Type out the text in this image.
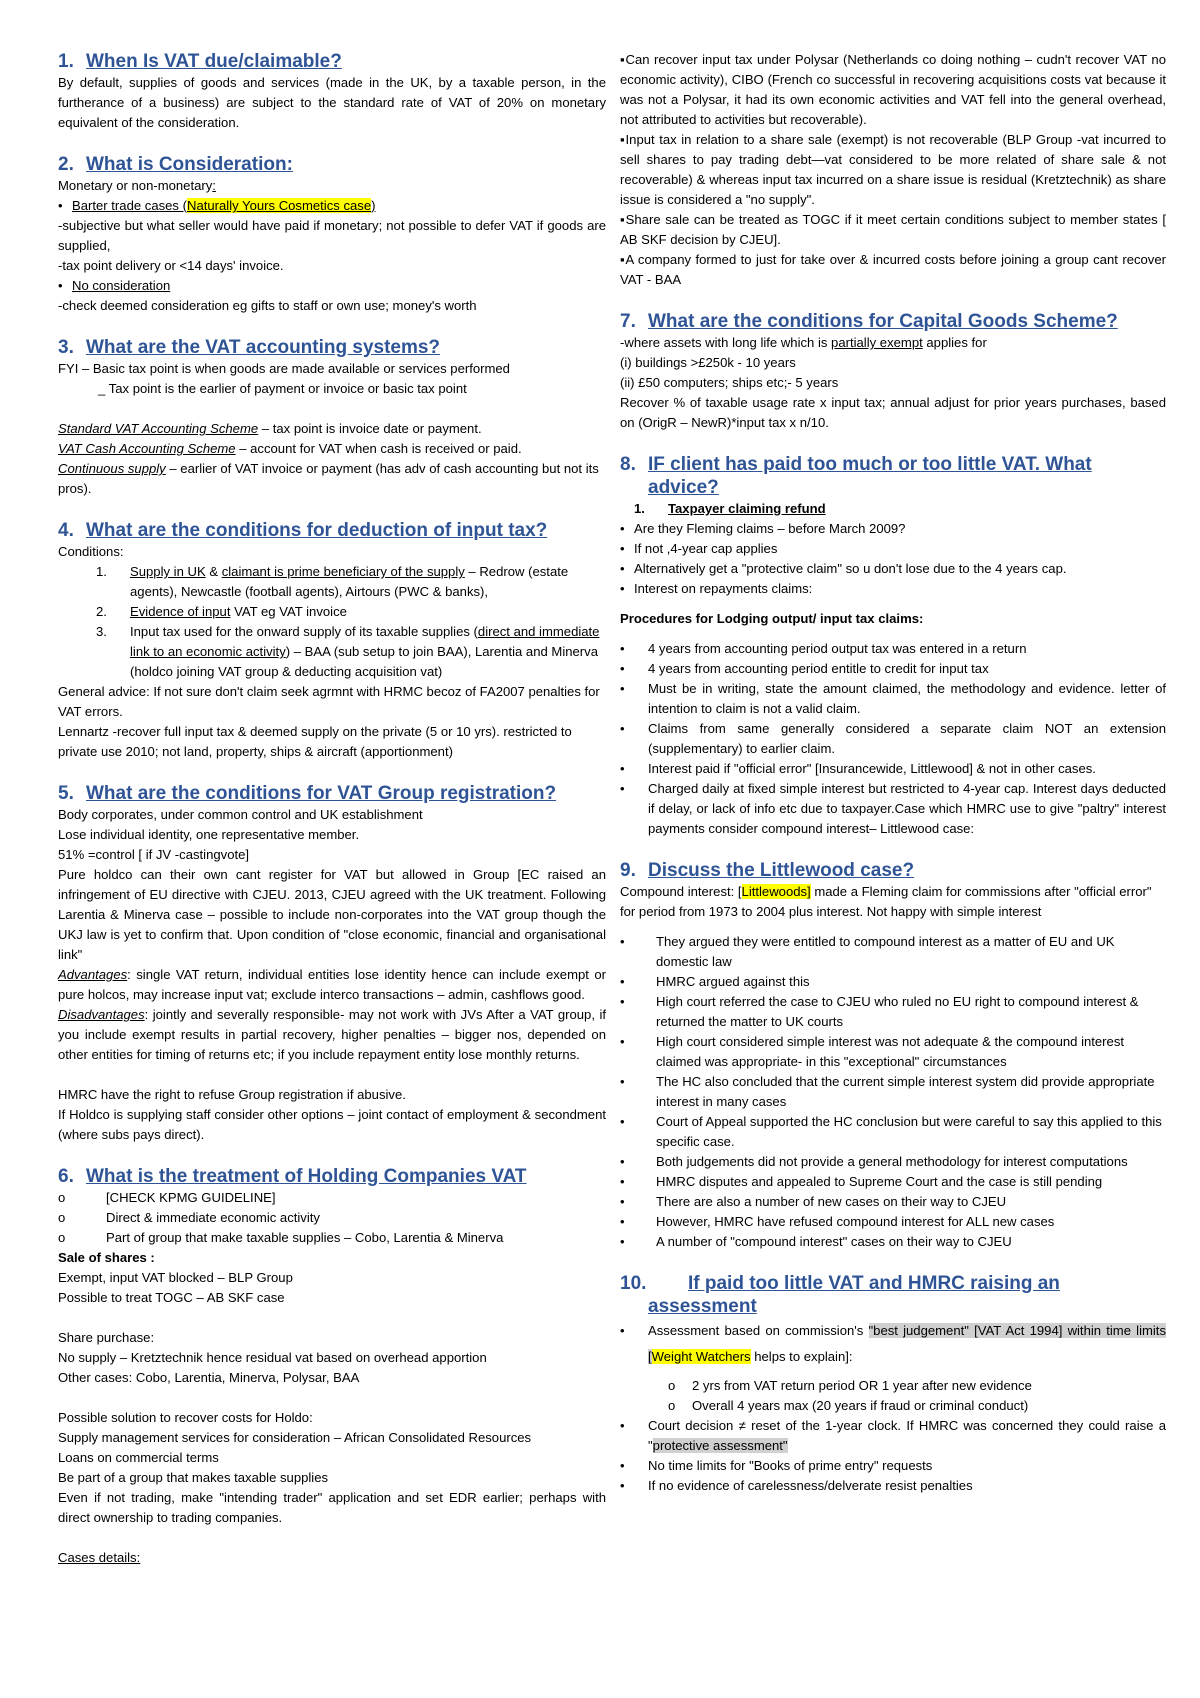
1. When Is VAT due/claimable?

By default, supplies of goods and services (made in the UK, by a taxable person, in the furtherance of a business) are subject to the standard rate of VAT of 20% on monetary equivalent of the consideration.

2. What is Consideration:

Monetary or non-monetary:

• Barter trade cases (Naturally Yours Cosmetics case)

-subjective but what seller would have paid if monetary; not possible to defer VAT if goods are supplied,

-tax point delivery or <14 days' invoice.

• No consideration

-check deemed consideration eg gifts to staff or own use; money's worth

3. What are the VAT accounting systems?

FYI – Basic tax point is when goods are made available or services performed

_ Tax point is the earlier of payment or invoice or basic tax point

Standard VAT Accounting Scheme – tax point is invoice date or payment.

VAT Cash Accounting Scheme – account for VAT when cash is received or paid.

Continuous supply – earlier of VAT invoice or payment (has adv of cash accounting but not its pros).

4. What are the conditions for deduction of input tax?

Conditions:

1. Supply in UK & claimant is prime beneficiary of the supply – Redrow (estate agents), Newcastle (football agents), Airtours (PWC & banks),

2. Evidence of input VAT eg VAT invoice

3. Input tax used for the onward supply of its taxable supplies (direct and immediate link to an economic activity) – BAA (sub setup to join BAA), Larentia and Minerva (holdco joining VAT group & deducting acquisition vat)

General advice: If not sure don't claim seek agrmnt with HRMC becoz of FA2007 penalties for VAT errors.

Lennartz -recover full input tax & deemed supply on the private (5 or 10 yrs). restricted to private use 2010; not land, property, ships & aircraft (apportionment)

5. What are the conditions for VAT Group registration?

Body corporates, under common control and UK establishment

Lose individual identity, one representative member.

51% =control [ if JV -castingvote]

Pure holdco can their own cant register for VAT but allowed in Group [EC raised an infringement of EU directive with CJEU. 2013, CJEU agreed with the UK treatment. Following Larentia & Minerva case – possible to include non-corporates into the VAT group though the UKJ law is yet to confirm that. Upon condition of "close economic, financial and organisational link"

Advantages: single VAT return, individual entities lose identity hence can include exempt or pure holcos, may increase input vat; exclude interco transactions – admin, cashflows good.

Disadvantages: jointly and severally responsible- may not work with JVs After a VAT group, if you include exempt results in partial recovery, higher penalties – bigger nos, depended on other entities for timing of returns etc; if you include repayment entity lose monthly returns.

HMRC have the right to refuse Group registration if abusive.

If Holdco is supplying staff consider other options – joint contact of employment & secondment (where subs pays direct).

6. What is the treatment of Holding Companies VAT

o	[CHECK KPMG GUIDELINE]

o	Direct & immediate economic activity

o	Part of group that make taxable supplies – Cobo, Larentia & Minerva

Sale of shares :

Exempt, input VAT blocked – BLP Group

Possible to treat TOGC – AB SKF case

Share purchase:

No supply – Kretztechnik hence residual vat based on overhead apportion

Other cases: Cobo, Larentia, Minerva, Polysar, BAA

Possible solution to recover costs for Holdo:

Supply management services for consideration – African Consolidated Resources

Loans on commercial terms

Be part of a group that makes taxable supplies

Even if not trading, make "intending trader" application and set EDR earlier; perhaps with direct ownership to trading companies.

Cases details:

▪Can recover input tax under Polysar (Netherlands co doing nothing – cudn't recover VAT no economic activity), CIBO (French co successful in recovering acquisitions costs vat because it was not a Polysar, it had its own economic activities and VAT fell into the general overhead, not attributed to activities but recoverable).

▪Input tax in relation to a share sale (exempt) is not recoverable (BLP Group -vat incurred to sell shares to pay trading debt—vat considered to be more related of share sale & not recoverable) & whereas input tax incurred on a share issue is residual (Kretztechnik) as share issue is considered a "no supply".

▪Share sale can be treated as TOGC if it meet certain conditions subject to member states [ AB SKF decision by CJEU].

▪A company formed to just for take over & incurred costs before joining a group cant recover VAT - BAA

7. What are the conditions for Capital Goods Scheme?

-where assets with long life which is partially exempt applies for

(i) buildings >£250k - 10 years

(ii) £50 computers; ships etc;- 5 years

Recover % of taxable usage rate x input tax; annual adjust for prior years purchases, based on (OrigR – NewR)*input tax x n/10.

8. IF client has paid too much or too little VAT. What advice?

1. Taxpayer claiming refund

• Are they Fleming claims – before March 2009?

• If not ,4-year cap applies

• Alternatively get a "protective claim" so u don't lose due to the 4 years cap.

• Interest on repayments claims:

Procedures for Lodging output/ input tax claims:

• 4 years from accounting period output tax was entered in a return

• 4 years from accounting period entitle to credit for input tax

• Must be in writing, state the amount claimed, the methodology and evidence. letter of intention to claim is not a valid claim.

• Claims from same generally considered a separate claim NOT an extension (supplementary) to earlier claim.

• Interest paid if "official error" [Insurancewide, Littlewood] & not in other cases.

• Charged daily at fixed simple interest but restricted to 4-year cap. Interest days deducted if delay, or lack of info etc due to taxpayer.Case which HMRC use to give "paltry" interest payments consider compound interest– Littlewood case:

9. Discuss the Littlewood case?

Compound interest: [Littlewoods] made a Fleming claim for commissions after "official error" for period from 1973 to 2004 plus interest. Not happy with simple interest

• They argued they were entitled to compound interest as a matter of EU and UK domestic law

• HMRC argued against this

• High court referred the case to CJEU who ruled no EU right to compound interest & returned the matter to UK courts

• High court considered simple interest was not adequate & the compound interest claimed was appropriate- in this "exceptional" circumstances

• The HC also concluded that the current simple interest system did provide appropriate interest in many cases

• Court of Appeal supported the HC conclusion but were careful to say this applied to this specific case.

• Both judgements did not provide a general methodology for interest computations

• HMRC disputes and appealed to Supreme Court and the case is still pending

• There are also a number of new cases on their way to CJEU

• However, HMRC have refused compound interest for ALL new cases

• A number of "compound interest" cases on their way to CJEU

10. If paid too little VAT and HMRC raising an assessment

• Assessment based on commission's "best judgement" [VAT Act 1994] within time limits [Weight Watchers helps to explain]:

o 2 yrs from VAT return period OR 1 year after new evidence

o Overall 4 years max (20 years if fraud or criminal conduct)

• Court decision ≠ reset of the 1-year clock. If HMRC was concerned they could raise a "protective assessment"

• No time limits for "Books of prime entry" requests

• If no evidence of carelessness/delverate resist penalties
